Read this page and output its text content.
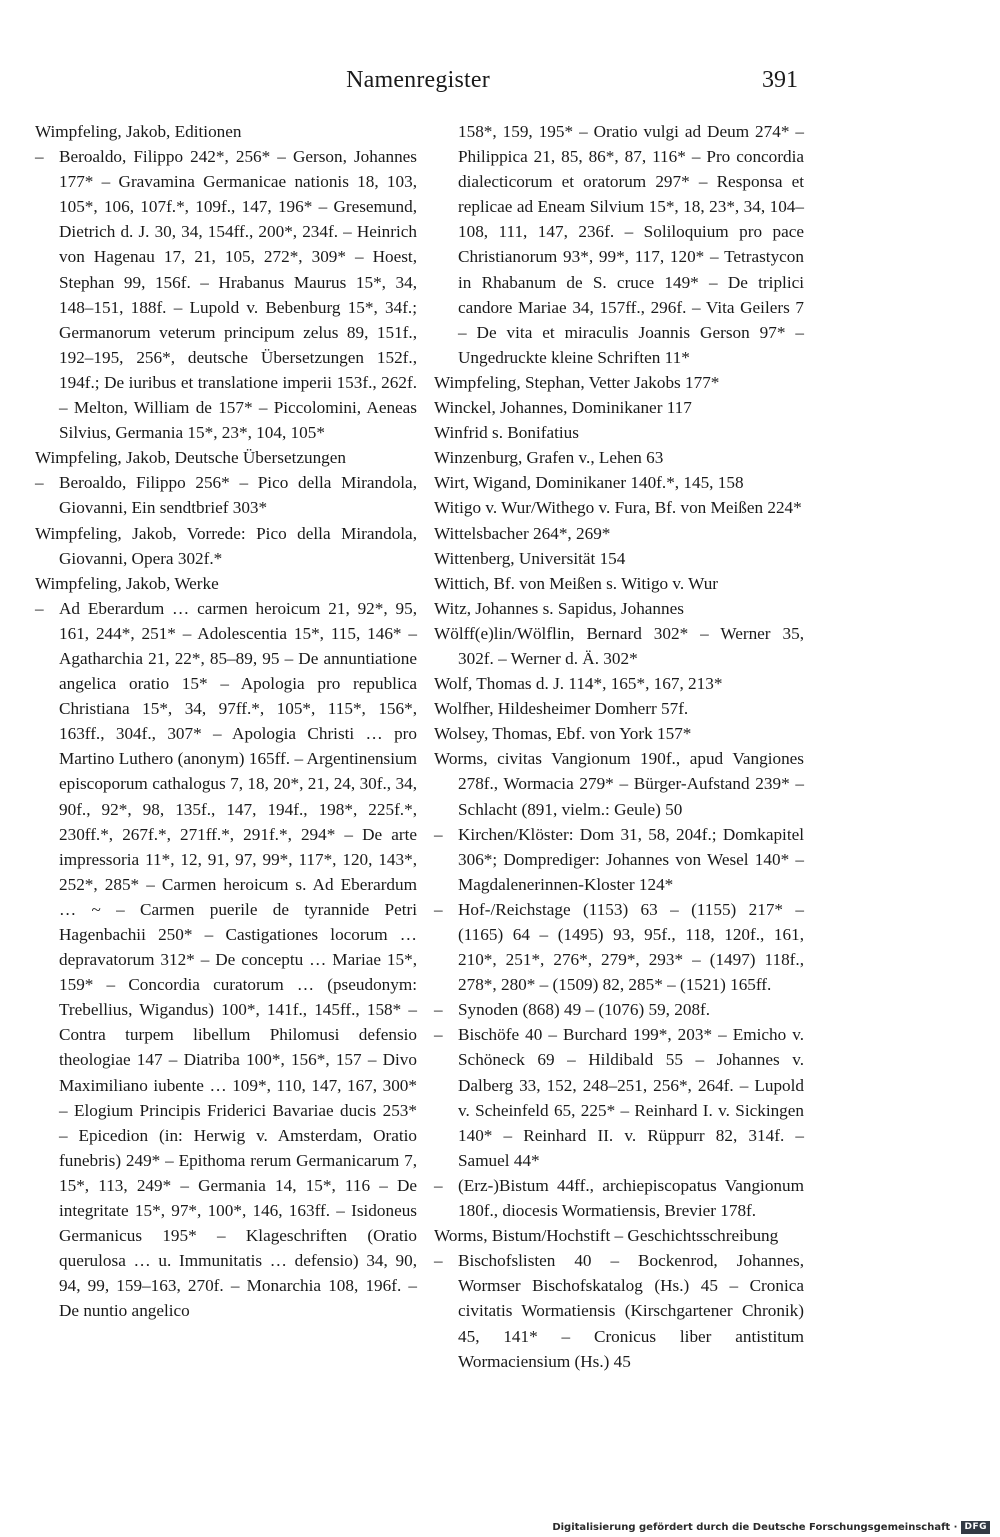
Namenregister	391
Wimpfeling, Jakob, Editionen
– Beroaldo, Filippo 242*, 256* – Gerson, Johannes 177* – Gravamina Germanicae nationis 18, 103, 105*, 106, 107f.*, 109f., 147, 196* – Gresemund, Dietrich d. J. 30, 34, 154ff., 200*, 234f. – Heinrich von Hagenau 17, 21, 105, 272*, 309* – Hoest, Stephan 99, 156f. – Hrabanus Maurus 15*, 34, 148–151, 188f. – Lupold v. Bebenburg 15*, 34f.; Germanorum veterum principum zelus 89, 151f., 192–195, 256*, deutsche Übersetzungen 152f., 194f.; De iuribus et translatione imperii 153f., 262f. – Melton, William de 157* – Piccolomini, Aeneas Silvius, Germania 15*, 23*, 104, 105*
Wimpfeling, Jakob, Deutsche Übersetzungen
– Beroaldo, Filippo 256* – Pico della Mirandola, Giovanni, Ein sendtbrief 303*
Wimpfeling, Jakob, Vorrede: Pico della Mirandola, Giovanni, Opera 302f.*
Wimpfeling, Jakob, Werke
– Ad Eberardum … carmen heroicum 21, 92*, 95, 161, 244*, 251* – Adolescentia 15*, 115, 146* – Agatharchia 21, 22*, 85–89, 95 – De annuntiatione angelica oratio 15* – Apologia pro republica Christiana 15*, 34, 97ff.*, 105*, 115*, 156*, 163ff., 304f., 307* – Apologia Christi … pro Martino Luthero (anonym) 165ff. – Argentinensium episcoporum cathalogus 7, 18, 20*, 21, 24, 30f., 34, 90f., 92*, 98, 135f., 147, 194f., 198*, 225f.*, 230ff.*, 267f.*, 271ff.*, 291f.*, 294* – De arte impressoria 11*, 12, 91, 97, 99*, 117*, 120, 143*, 252*, 285* – Carmen heroicum s. Ad Eberardum … ~ – Carmen puerile de tyrannide Petri Hagenbachii 250* – Castigationes locorum … depravatorum 312* – De conceptu … Mariae 15*, 159* – Concordia curatorum … (pseudonym: Trebellius, Wigandus) 100*, 141f., 145ff., 158* – Contra turpem libellum Philomusi defensio theologiae 147 – Diatriba 100*, 156*, 157 – Divo Maximiliano iubente … 109*, 110, 147, 167, 300* – Elogium Principis Friderici Bavariae ducis 253* – Epicedion (in: Herwig v. Amsterdam, Oratio funebris) 249* – Epithoma rerum Germanicarum 7, 15*, 113, 249* – Germania 14, 15*, 116 – De integritate 15*, 97*, 100*, 146, 163ff. – Isidoneus Germanicus 195* – Klageschriften (Oratio querulosa … u. Immunitatis … defensio) 34, 90, 94, 99, 159–163, 270f. – Monarchia 108, 196f. – De nuntio angelico
158*, 159, 195* – Oratio vulgi ad Deum 274* – Philippica 21, 85, 86*, 87, 116* – Pro concordia dialecticorum et oratorum 297* – Responsa et replicae ad Eneam Silvium 15*, 18, 23*, 34, 104–108, 111, 147, 236f. – Soliloquium pro pace Christianorum 93*, 99*, 117, 120* – Tetrastycon in Rhabanum de S. cruce 149* – De triplici candore Mariae 34, 157ff., 296f. – Vita Geilers 7 – De vita et miraculis Joannis Gerson 97* – Ungedruckte kleine Schriften 11*
Wimpfeling, Stephan, Vetter Jakobs 177*
Winckel, Johannes, Dominikaner 117
Winfrid s. Bonifatius
Winzenburg, Grafen v., Lehen 63
Wirt, Wigand, Dominikaner 140f.*, 145, 158
Witigo v. Wur/Withego v. Fura, Bf. von Meißen 224*
Wittelsbacher 264*, 269*
Wittenberg, Universität 154
Wittich, Bf. von Meißen s. Witigo v. Wur
Witz, Johannes s. Sapidus, Johannes
Wölff(e)lin/Wölflin, Bernard 302* – Werner 35, 302f. – Werner d. Ä. 302*
Wolf, Thomas d. J. 114*, 165*, 167, 213*
Wolfher, Hildesheimer Domherr 57f.
Wolsey, Thomas, Ebf. von York 157*
Worms, civitas Vangionum 190f., apud Vangiones 278f., Wormacia 279* – Bürger-Aufstand 239* – Schlacht (891, vielm.: Geule) 50
– Kirchen/Klöster: Dom 31, 58, 204f.; Domkapitel 306*; Domprediger: Johannes von Wesel 140* – Magdalenerinnen-Kloster 124*
– Hof-/Reichstage (1153) 63 – (1155) 217* – (1165) 64 – (1495) 93, 95f., 118, 120f., 161, 210*, 251*, 276*, 279*, 293* – (1497) 118f., 278*, 280* – (1509) 82, 285* – (1521) 165ff.
– Synoden (868) 49 – (1076) 59, 208f.
– Bischöfe 40 – Burchard 199*, 203* – Emicho v. Schöneck 69 – Hildibald 55 – Johannes v. Dalberg 33, 152, 248–251, 256*, 264f. – Lupold v. Scheinfeld 65, 225* – Reinhard I. v. Sickingen 140* – Reinhard II. v. Rüppurr 82, 314f. – Samuel 44*
– (Erz-)Bistum 44ff., archiepiscopatus Vangionum 180f., diocesis Wormatiensis, Brevier 178f.
Worms, Bistum/Hochstift – Geschichtsschreibung
– Bischofslisten 40 – Bockenrod, Johannes, Wormser Bischofskatalog (Hs.) 45 – Cronica civitatis Wormatiensis (Kirschgartener Chronik) 45, 141* – Cronicus liber antistitum Wormaciensium (Hs.) 45
Digitalisierung gefördert durch die Deutsche Forschungsgemeinschaft · DFG
